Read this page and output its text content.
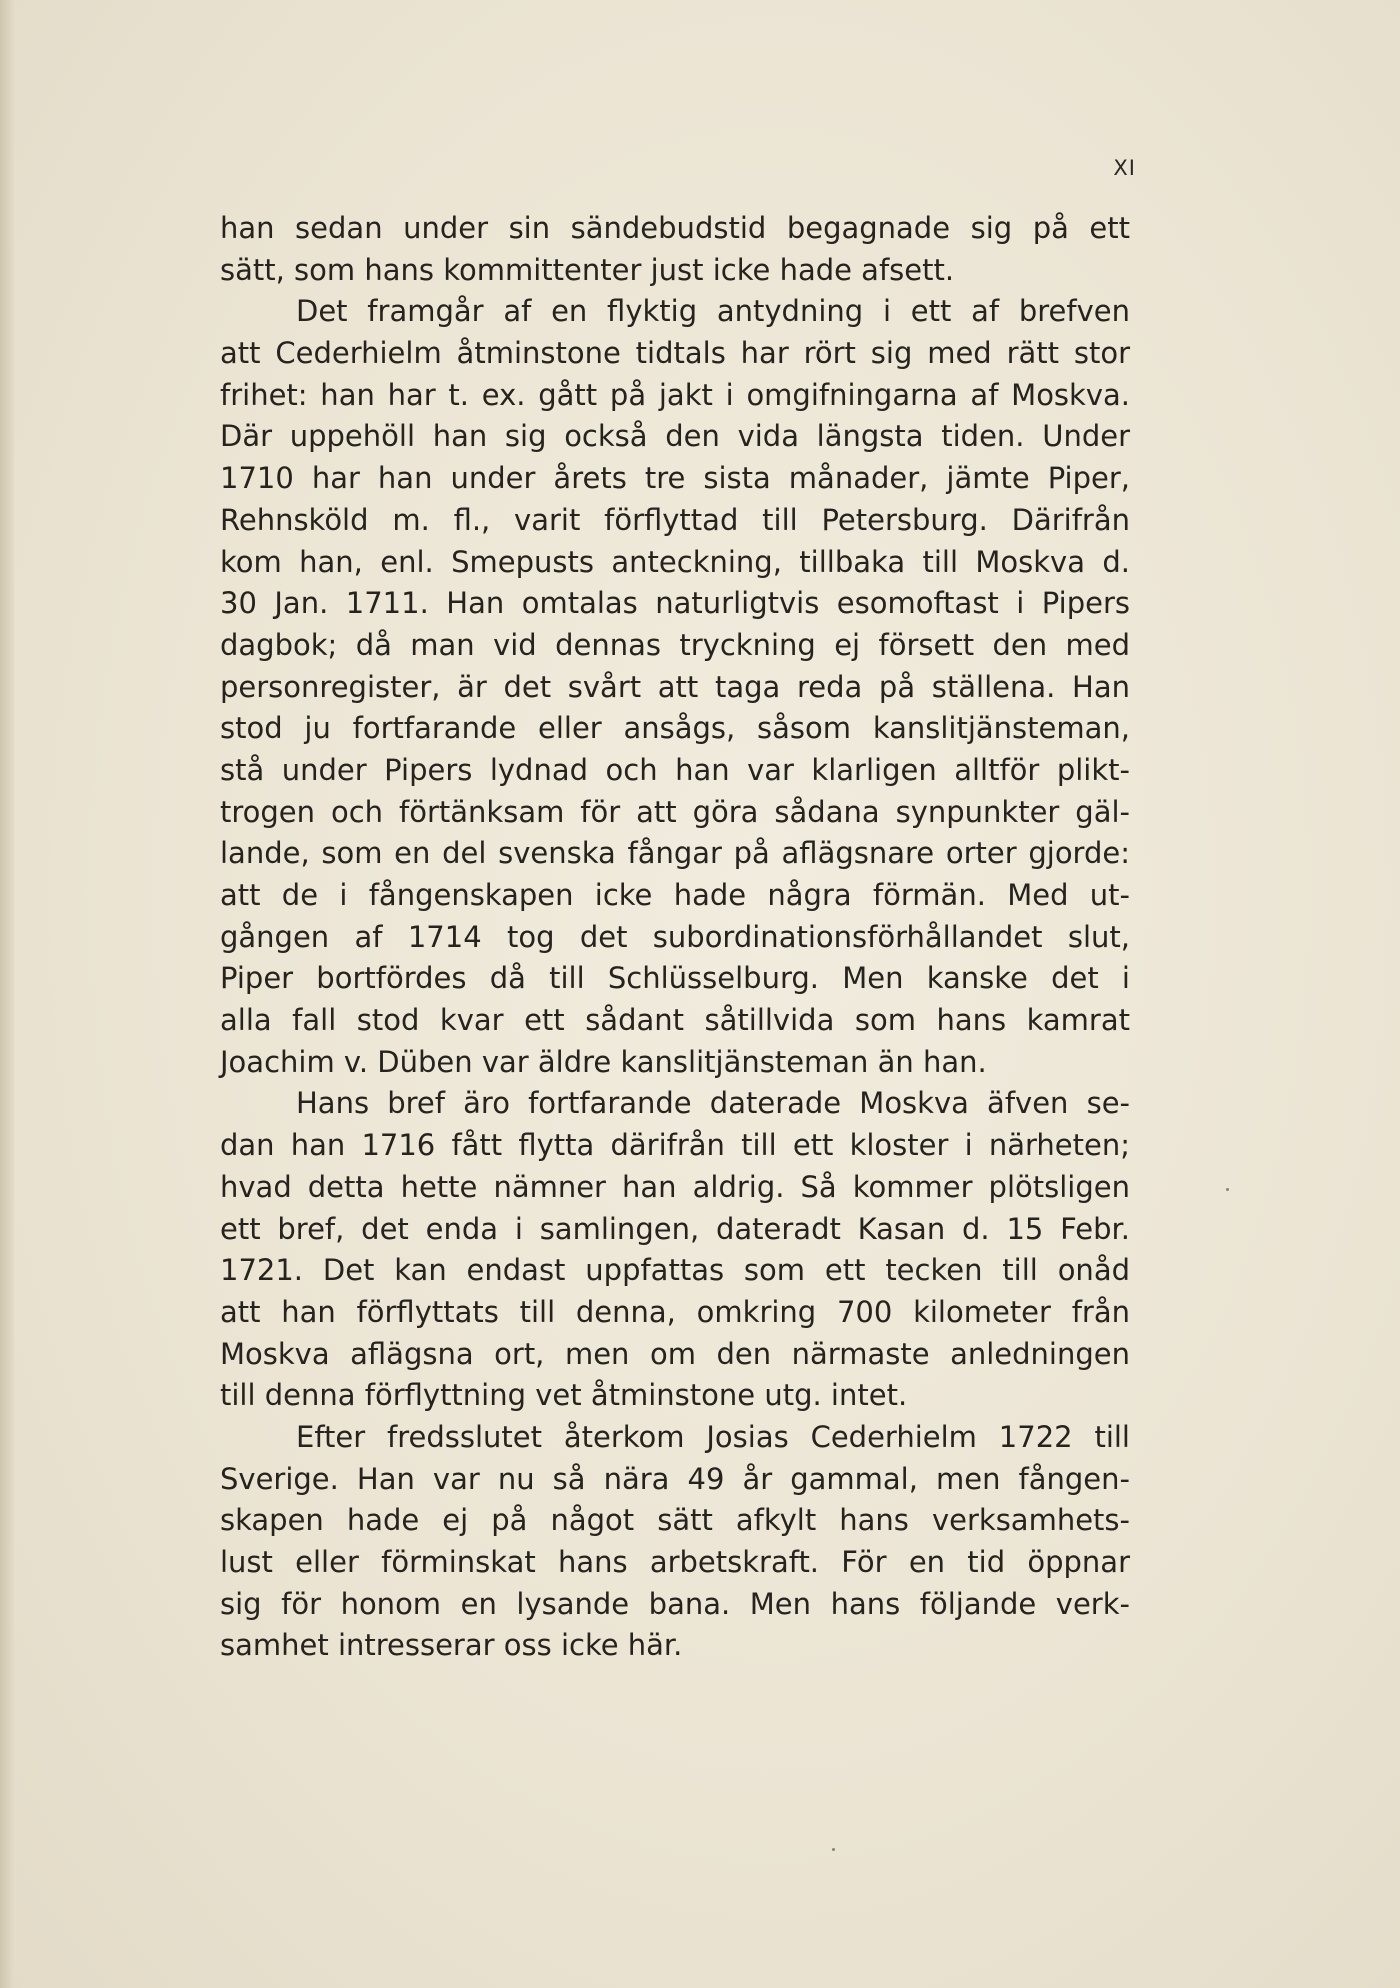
XI
han sedan under sin sändebudstid begagnade sig på ett
sätt, som hans kommittenter just icke hade afsett.
Det framgår af en flyktig antydning i ett af brefven
att Cederhielm åtminstone tidtals har rört sig med rätt stor
frihet: han har t. ex. gått på jakt i omgifningarna af Moskva.
Där uppehöll han sig också den vida längsta tiden. Under
1710 har han under årets tre sista månader, jämte Piper,
Rehnsköld m. fl., varit förflyttad till Petersburg. Därifrån
kom han, enl. Smepusts anteckning, tillbaka till Moskva d.
30 Jan. 1711. Han omtalas naturligtvis esomoftast i Pipers
dagbok; då man vid dennas tryckning ej försett den med
personregister, är det svårt att taga reda på ställena. Han
stod ju fortfarande eller ansågs, såsom kanslitjänsteman,
stå under Pipers lydnad och han var klarligen alltför plikt-
trogen och förtänksam för att göra sådana synpunkter gäl-
lande, som en del svenska fångar på aflägsnare orter gjorde:
att de i fångenskapen icke hade några förmän. Med ut-
gången af 1714 tog det subordinationsförhållandet slut,
Piper bortfördes då till Schlüsselburg. Men kanske det i
alla fall stod kvar ett sådant såtillvida som hans kamrat
Joachim v. Düben var äldre kanslitjänsteman än han.
Hans bref äro fortfarande daterade Moskva äfven se-
dan han 1716 fått flytta därifrån till ett kloster i närheten;
hvad detta hette nämner han aldrig. Så kommer plötsligen
ett bref, det enda i samlingen, dateradt Kasan d. 15 Febr.
1721. Det kan endast uppfattas som ett tecken till onåd
att han förflyttats till denna, omkring 700 kilometer från
Moskva aflägsna ort, men om den närmaste anledningen
till denna förflyttning vet åtminstone utg. intet.
Efter fredsslutet återkom Josias Cederhielm 1722 till
Sverige. Han var nu så nära 49 år gammal, men fången-
skapen hade ej på något sätt afkylt hans verksamhets-
lust eller förminskat hans arbetskraft. För en tid öppnar
sig för honom en lysande bana. Men hans följande verk-
samhet intresserar oss icke här.
